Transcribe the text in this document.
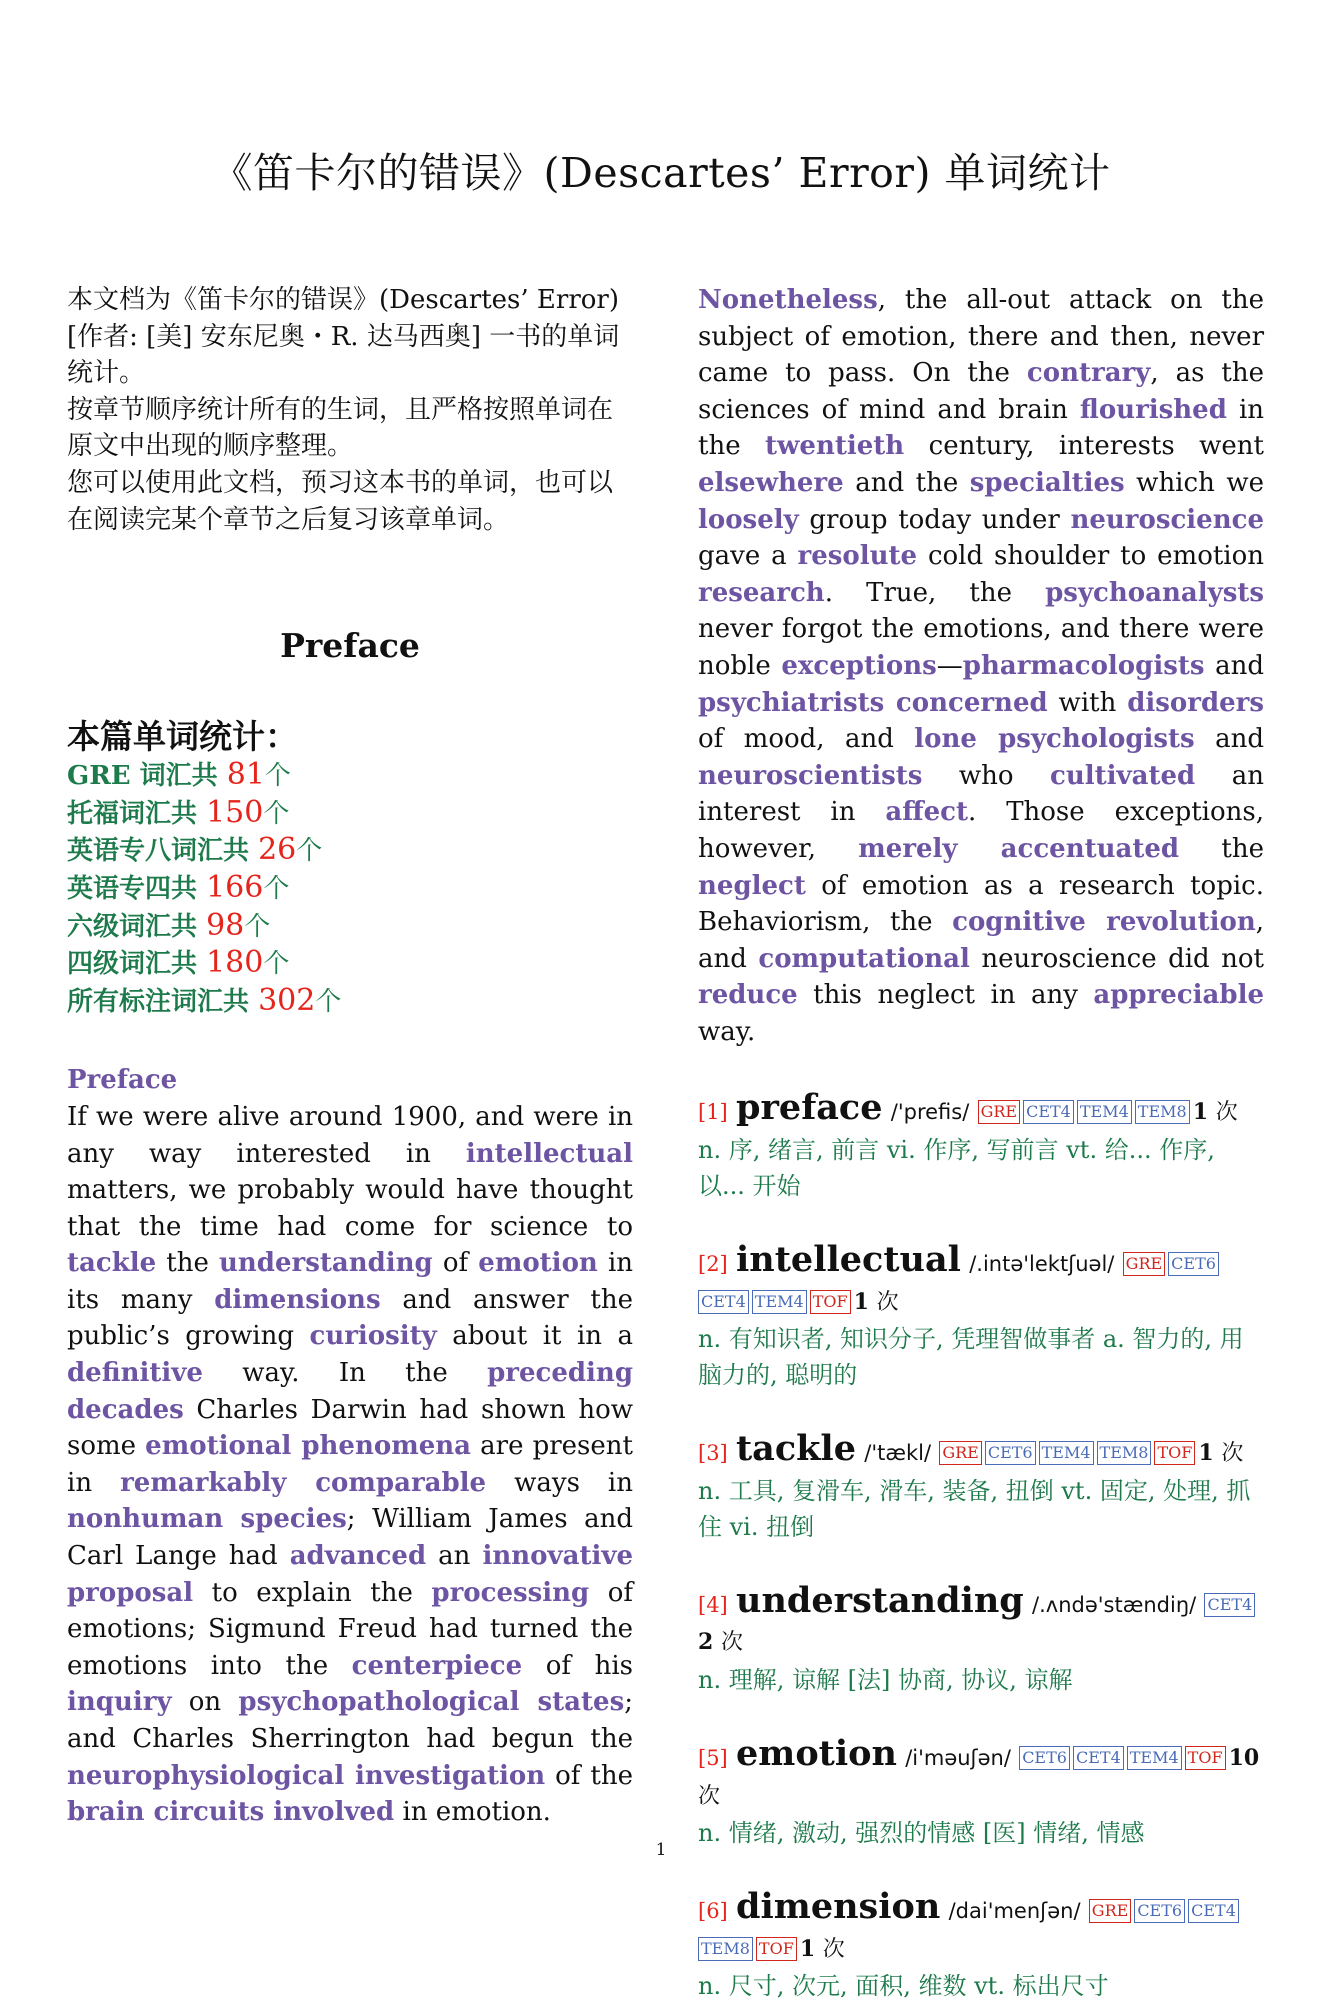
《笛卡尔的错误》(Descartes’ Error) 单词统计

本文档为《笛卡尔的错误》(Descartes’ Error)[作者: [美] 安东尼奥・R. 达马西奥] 一书的单词统计。

按章节顺序统计所有的生词，且严格按照单词在原文中出现的顺序整理。

您可以使用此文档，预习这本书的单词，也可以在阅读完某个章节之后复习该章单词。

Preface
本篇单词统计：
GRE 词汇共 81个
托福词汇共 150个
英语专八词汇共 26个
英语专四共 166个
六级词汇共 98个
四级词汇共 180个
所有标注词汇共 302个
Preface

If we were alive around 1900, and were in any way interested in intellectual matters, we probably would have thought that the time had come for science to tackle the understanding of emotion in its many dimensions and answer the public’s growing curiosity about it in a definitive way. In the preceding decades Charles Darwin had shown how some emotional phenomena are present in remarkably comparable ways in nonhuman species; William James and Carl Lange had advanced an innovative proposal to explain the processing of emotions; Sigmund Freud had turned the emotions into the centerpiece of his inquiry on psychopathological states; and Charles Sherrington had begun the neurophysiological investigation of the brain circuits involved in emotion.

Nonetheless, the all-out attack on the subject of emotion, there and then, never came to pass. On the contrary, as the sciences of mind and brain flourished in the twentieth century, interests went elsewhere and the specialties which we loosely group today under neuroscience gave a resolute cold shoulder to emotion research. True, the psychoanalysts never forgot the emotions, and there were noble exceptions—pharmacologists and psychiatrists concerned with disorders of mood, and lone psychologists and neuroscientists who cultivated an interest in affect. Those exceptions, however, merely accentuated the neglect of emotion as a research topic. Behaviorism, the cognitive revolution, and computational neuroscience did not reduce this neglect in any appreciable way.

[1] preface /'prefis/ GRE CET4 TEM4 TEM8 1 次
n. 序, 绪言, 前言 vi. 作序, 写前言 vt. 给... 作序, 以... 开始
[2] intellectual /.intə'lektʃuəl/ GRE CET6CET4 TEM4 TOF 1 次
n. 有知识者, 知识分子, 凭理智做事者 a. 智力的, 用脑力的, 聪明的
[3] tackle /'tækl/ GRE CET6 TEM4 TEM8 TOF 1 次
n. 工具, 复滑车, 滑车, 装备, 扭倒 vt. 固定, 处理, 抓住 vi. 扭倒
[4] understanding /.ʌndə'stændiŋ/ CET42 次
n. 理解, 谅解 [法] 协商, 协议, 谅解
[5] emotion /i'məuʃən/ CET6 CET4 TEM4 TOF 10 次
n. 情绪, 激动, 强烈的情感 [医] 情绪, 情感
[6] dimension /dai'menʃən/ GRE CET6 CET4TEM8 TOF 1 次
n. 尺寸, 次元, 面积, 维数 vt. 标出尺寸
1
